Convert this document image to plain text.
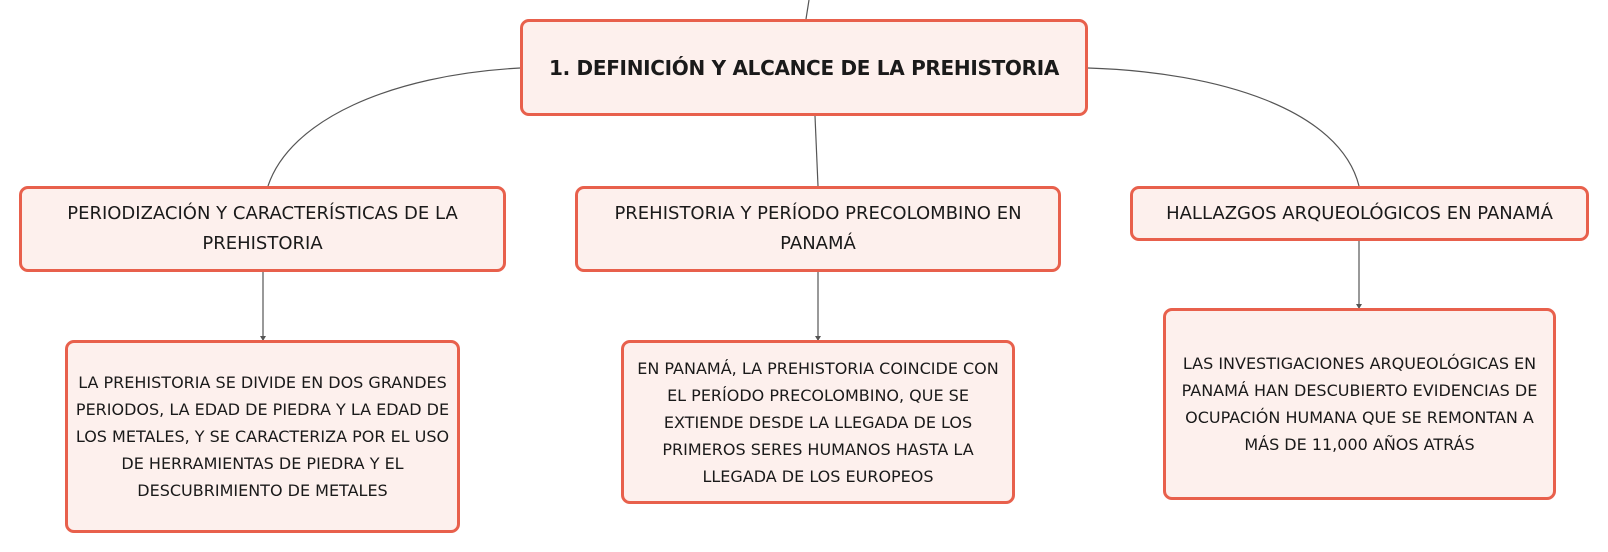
1. DEFINICIÓN Y ALCANCE DE LA PREHISTORIA
PERIODIZACIÓN Y CARACTERÍSTICAS DE LA PREHISTORIA
PREHISTORIA Y PERÍODO PRECOLOMBINO EN PANAMÁ
HALLAZGOS ARQUEOLÓGICOS EN PANAMÁ
LA PREHISTORIA SE DIVIDE EN DOS GRANDES PERIODOS, LA EDAD DE PIEDRA Y LA EDAD DE LOS METALES, Y SE CARACTERIZA POR EL USO DE HERRAMIENTAS DE PIEDRA Y EL DESCUBRIMIENTO DE METALES
EN PANAMÁ, LA PREHISTORIA COINCIDE CON EL PERÍODO PRECOLOMBINO, QUE SE EXTIENDE DESDE LA LLEGADA DE LOS PRIMEROS SERES HUMANOS HASTA LA LLEGADA DE LOS EUROPEOS
LAS INVESTIGACIONES ARQUEOLÓGICAS EN PANAMÁ HAN DESCUBIERTO EVIDENCIAS DE OCUPACIÓN HUMANA QUE SE REMONTAN A MÁS DE 11,000 AÑOS ATRÁS
